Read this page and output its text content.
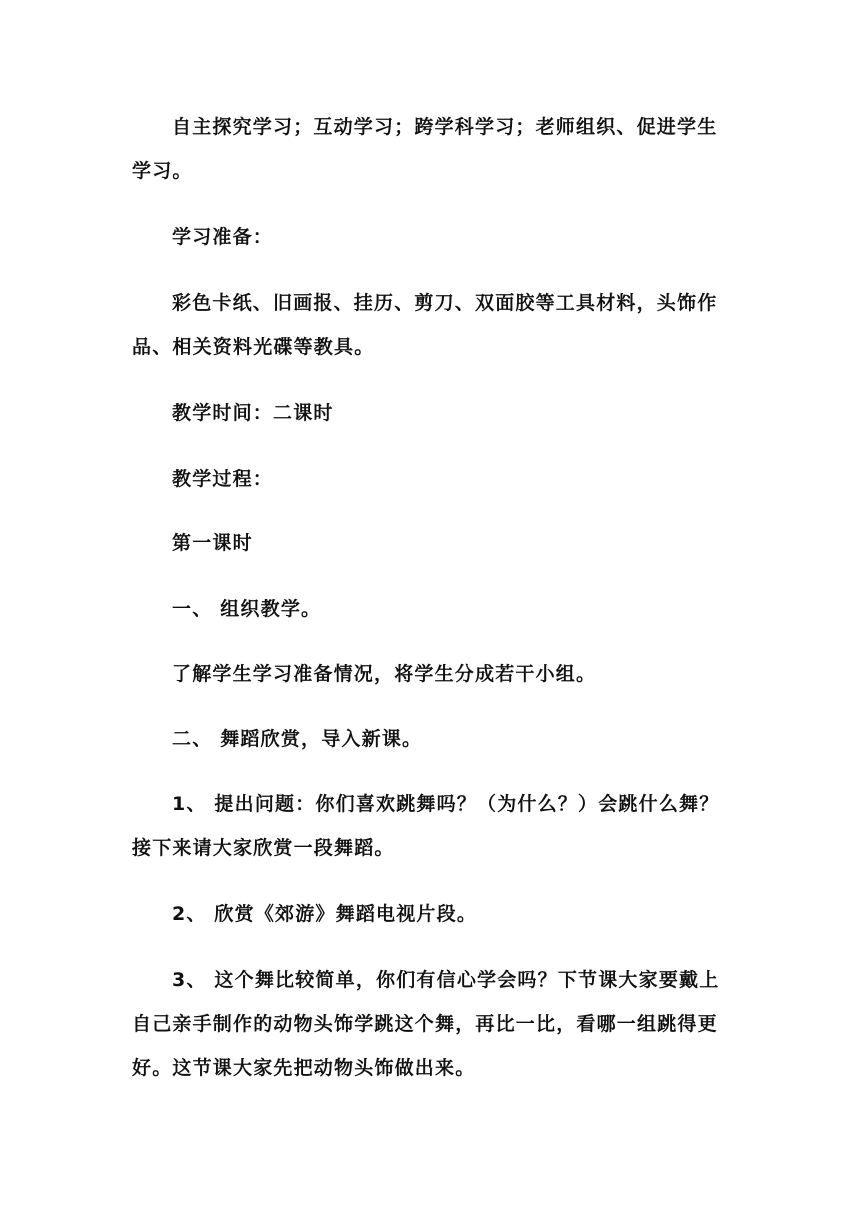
自主探究学习；互动学习；跨学科学习；老师组织、促进学生学习。

学习准备：

彩色卡纸、旧画报、挂历、剪刀、双面胶等工具材料，头饰作品、相关资料光碟等教具。

教学时间：二课时

教学过程：

第一课时

一、 组织教学。

了解学生学习准备情况，将学生分成若干小组。

二、 舞蹈欣赏，导入新课。

1、 提出问题：你们喜欢跳舞吗？（为什么？）会跳什么舞？接下来请大家欣赏一段舞蹈。

2、 欣赏《郊游》舞蹈电视片段。

3、 这个舞比较简单，你们有信心学会吗？下节课大家要戴上自己亲手制作的动物头饰学跳这个舞，再比一比，看哪一组跳得更好。这节课大家先把动物头饰做出来。
